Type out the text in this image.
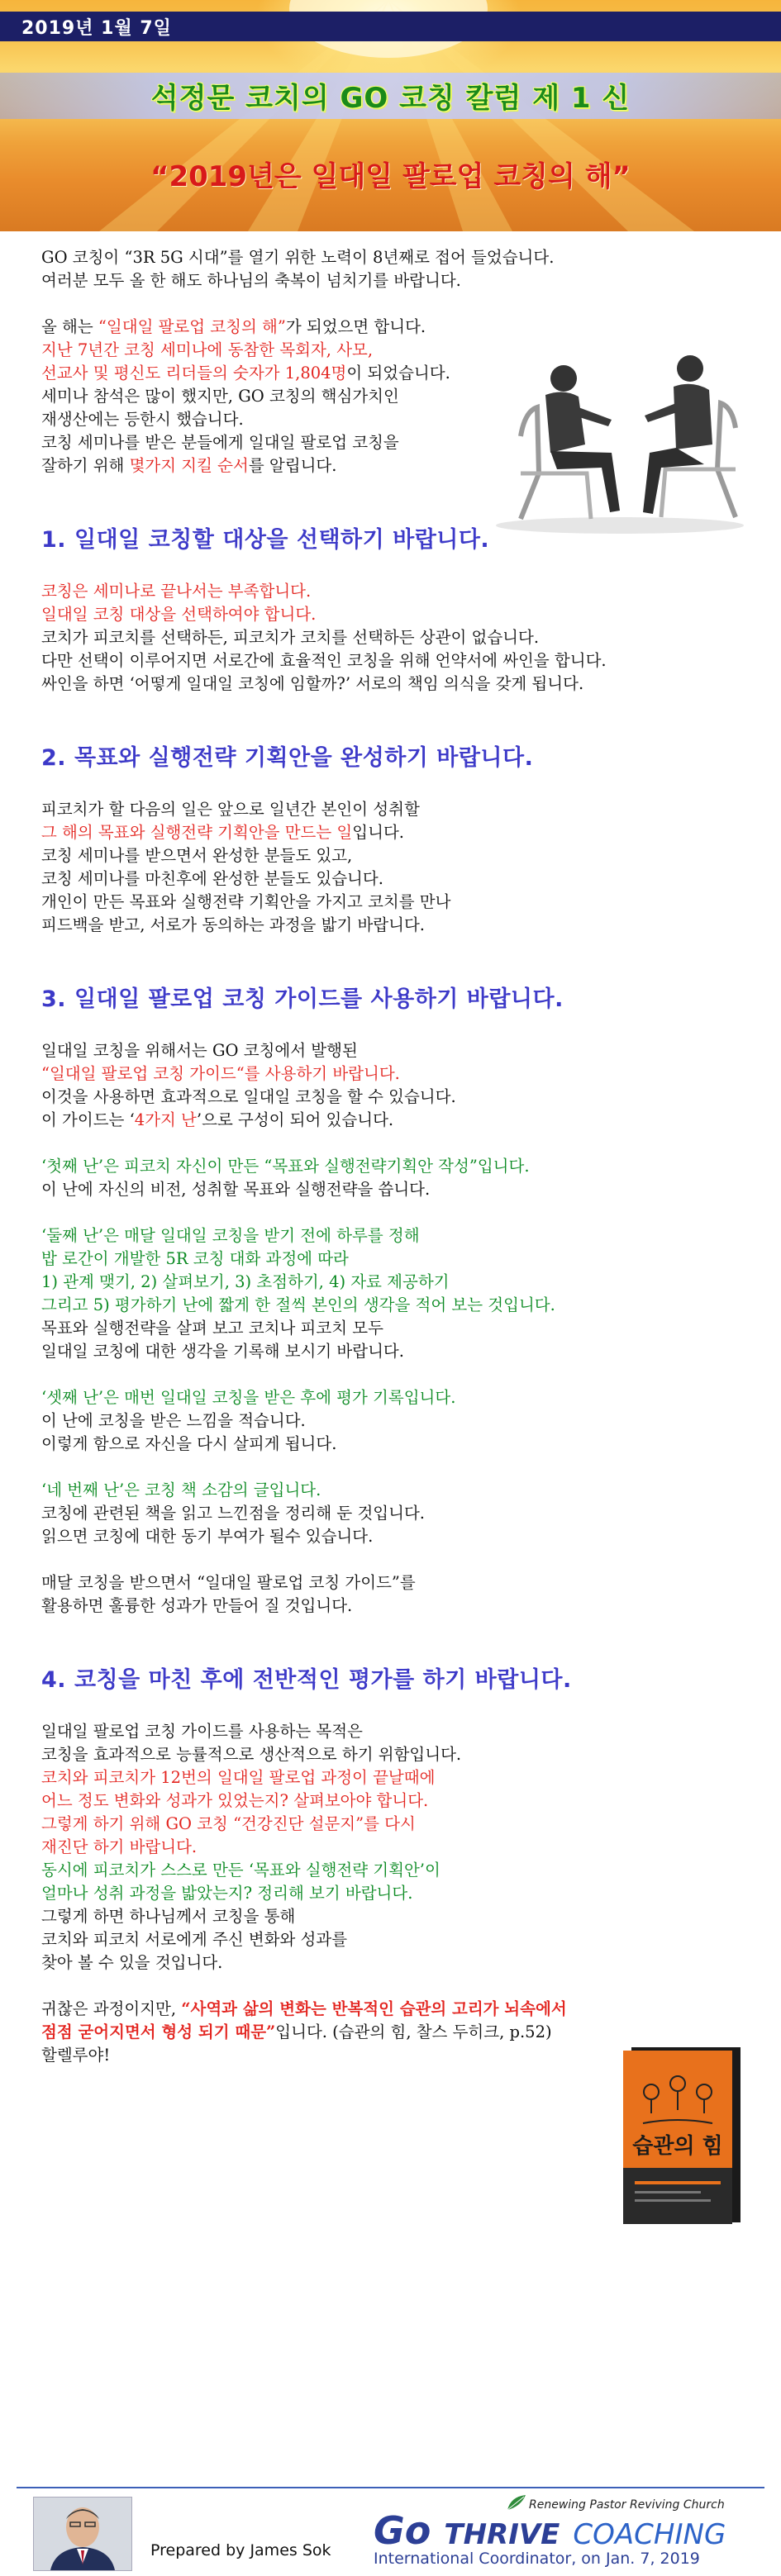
2019년 1월 7일
석정문 코치의 GO 코칭 칼럼 제 1 신
“2019년은 일대일 팔로업 코칭의 해”

GO 코칭이 “3R 5G 시대”를 열기 위한 노력이 8년째로 접어 들었습니다.

여러분 모두 올 한 해도 하나님의 축복이 넘치기를 바랍니다.

올 해는 “일대일 팔로업 코칭의 해”가 되었으면 합니다.

지난 7년간 코칭 세미나에 동참한 목회자, 사모,

선교사 및 평신도 리더들의 숫자가 1,804명이 되었습니다.

세미나 참석은 많이 했지만, GO 코칭의 핵심가치인

재생산에는 등한시 했습니다.

코칭 세미나를 받은 분들에게 일대일 팔로업 코칭을

잘하기 위해 몇가지 지킬 순서를 알립니다.

1. 일대일 코칭할 대상을 선택하기 바랍니다.

코칭은 세미나로 끝나서는 부족합니다.

일대일 코칭 대상을 선택하여야 합니다.

코치가 피코치를 선택하든, 피코치가 코치를 선택하든 상관이 없습니다.

다만 선택이 이루어지면 서로간에 효율적인 코칭을 위해 언약서에 싸인을 합니다.

싸인을 하면 ‘어떻게 일대일 코칭에 임할까?’ 서로의 책임 의식을 갖게 됩니다.

2. 목표와 실행전략 기획안을 완성하기 바랍니다.

피코치가 할 다음의 일은 앞으로 일년간 본인이 성취할

그 해의 목표와 실행전략 기획안을 만드는 일입니다.

코칭 세미나를 받으면서 완성한 분들도 있고,

코칭 세미나를 마친후에 완성한 분들도 있습니다.

개인이 만든 목표와 실행전략 기획안을 가지고 코치를 만나

피드백을 받고, 서로가 동의하는 과정을 밟기 바랍니다.

3. 일대일 팔로업 코칭 가이드를 사용하기 바랍니다.

일대일 코칭을 위해서는 GO 코칭에서 발행된

“일대일 팔로업 코칭 가이드“를 사용하기 바랍니다.

이것을 사용하면 효과적으로 일대일 코칭을 할 수 있습니다.

이 가이드는 ‘4가지 난’으로 구성이 되어 있습니다.

‘첫째 난’은 피코치 자신이 만든 “목표와 실행전략기획안 작성”입니다.

이 난에 자신의 비전, 성취할 목표와 실행전략을 씁니다.

‘둘째 난’은 매달 일대일 코칭을 받기 전에 하루를 정해

밥 로간이 개발한 5R 코칭 대화 과정에 따라

1) 관계 맺기, 2) 살펴보기, 3) 초점하기, 4) 자료 제공하기

그리고 5) 평가하기 난에 짧게 한 절씩 본인의 생각을 적어 보는 것입니다.

목표와 실행전략을 살펴 보고 코치나 피코치 모두

일대일 코칭에 대한 생각을 기록해 보시기 바랍니다.

‘셋째 난’은 매번 일대일 코칭을 받은 후에 평가 기록입니다.

이 난에 코칭을 받은 느낌을 적습니다.

이렇게 함으로 자신을 다시 살피게 됩니다.

‘네 번째 난’은 코칭 책 소감의 글입니다.

코칭에 관련된 책을 읽고 느낀점을 정리해 둔 것입니다.

읽으면 코칭에 대한 동기 부여가 될수 있습니다.

매달 코칭을 받으면서 “일대일 팔로업 코칭 가이드”를

활용하면 훌륭한 성과가 만들어 질 것입니다.

4. 코칭을 마친 후에 전반적인 평가를 하기 바랍니다.

일대일 팔로업 코칭 가이드를 사용하는 목적은

코칭을 효과적으로 능률적으로 생산적으로 하기 위함입니다.

코치와 피코치가 12번의 일대일 팔로업 과정이 끝날때에

어느 정도 변화와 성과가 있었는지? 살펴보아야 합니다.

그렇게 하기 위해 GO 코칭 “건강진단 설문지”를 다시

재진단 하기 바랍니다.

동시에 피코치가 스스로 만든 ‘목표와 실행전략 기획안’이

얼마나 성취 과정을 밟았는지? 정리해 보기 바랍니다.

그렇게 하면 하나님께서 코칭을 통해

코치와 피코치 서로에게 주신 변화와 성과를

찾아 볼 수 있을 것입니다.

귀찮은 과정이지만, “사역과 삶의 변화는 반복적인 습관의 고리가 뇌속에서

점점 굳어지면서 형성 되기 때문”입니다. (습관의 힘, 찰스 두히크, p.52)

할렐루야!

습관의 힘
Prepared by James Sok
Renewing Pastor Reviving Church
Go THRIVE COACHING
International Coordinator, on Jan. 7, 2019
